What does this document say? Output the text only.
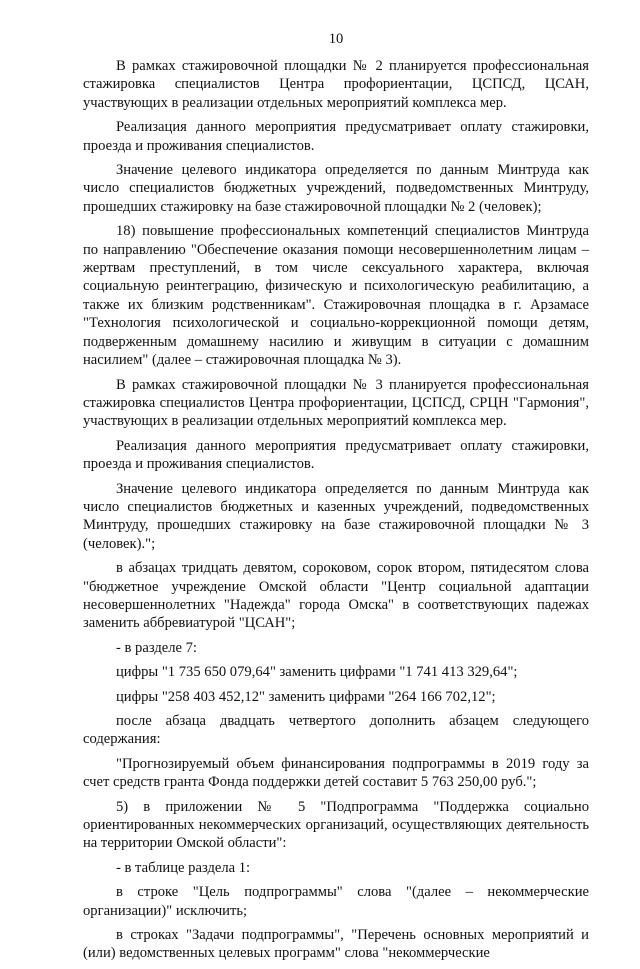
10

В рамках стажировочной площадки № 2 планируется профессиональная стажировка специалистов Центра профориентации, ЦСПСД, ЦСАН, участвующих в реализации отдельных мероприятий комплекса мер.

Реализация данного мероприятия предусматривает оплату стажировки, проезда и проживания специалистов.

Значение целевого индикатора определяется по данным Минтруда как число специалистов бюджетных учреждений, подведомственных Минтруду, прошедших стажировку на базе стажировочной площадки № 2 (человек);

18) повышение профессиональных компетенций специалистов Минтруда по направлению "Обеспечение оказания помощи несовершеннолетним лицам – жертвам преступлений, в том числе сексуального характера, включая социальную реинтеграцию, физическую и психологическую реабилитацию, а также их близким родственникам". Стажировочная площадка в г. Арзамасе "Технология психологической и социально-коррекционной помощи детям, подверженным домашнему насилию и живущим в ситуации с домашним насилием" (далее – стажировочная площадка № 3).

В рамках стажировочной площадки № 3 планируется профессиональная стажировка специалистов Центра профориентации, ЦСПСД, СРЦН "Гармония", участвующих в реализации отдельных мероприятий комплекса мер.

Реализация данного мероприятия предусматривает оплату стажировки, проезда и проживания специалистов.

Значение целевого индикатора определяется по данным Минтруда как число специалистов бюджетных и казенных учреждений, подведомственных Минтруду, прошедших стажировку на базе стажировочной площадки № 3 (человек).";

в абзацах тридцать девятом, сороковом, сорок втором, пятидесятом слова "бюджетное учреждение Омской области "Центр социальной адаптации несовершеннолетних "Надежда" города Омска" в соответствующих падежах заменить аббревиатурой "ЦСАН";

- в разделе 7:

цифры "1 735 650 079,64" заменить цифрами "1 741 413 329,64";

цифры "258 403 452,12" заменить цифрами "264 166 702,12";

после абзаца двадцать четвертого дополнить абзацем следующего содержания:

"Прогнозируемый объем финансирования подпрограммы в 2019 году за счет средств гранта Фонда поддержки детей составит 5 763 250,00 руб.";

5) в приложении № 5 "Подпрограмма "Поддержка социально ориентированных некоммерческих организаций, осуществляющих деятельность на территории Омской области":

- в таблице раздела 1:

в строке "Цель подпрограммы" слова "(далее – некоммерческие организации)" исключить;

в строках "Задачи подпрограммы", "Перечень основных мероприятий и (или) ведомственных целевых программ" слова "некоммерческие
